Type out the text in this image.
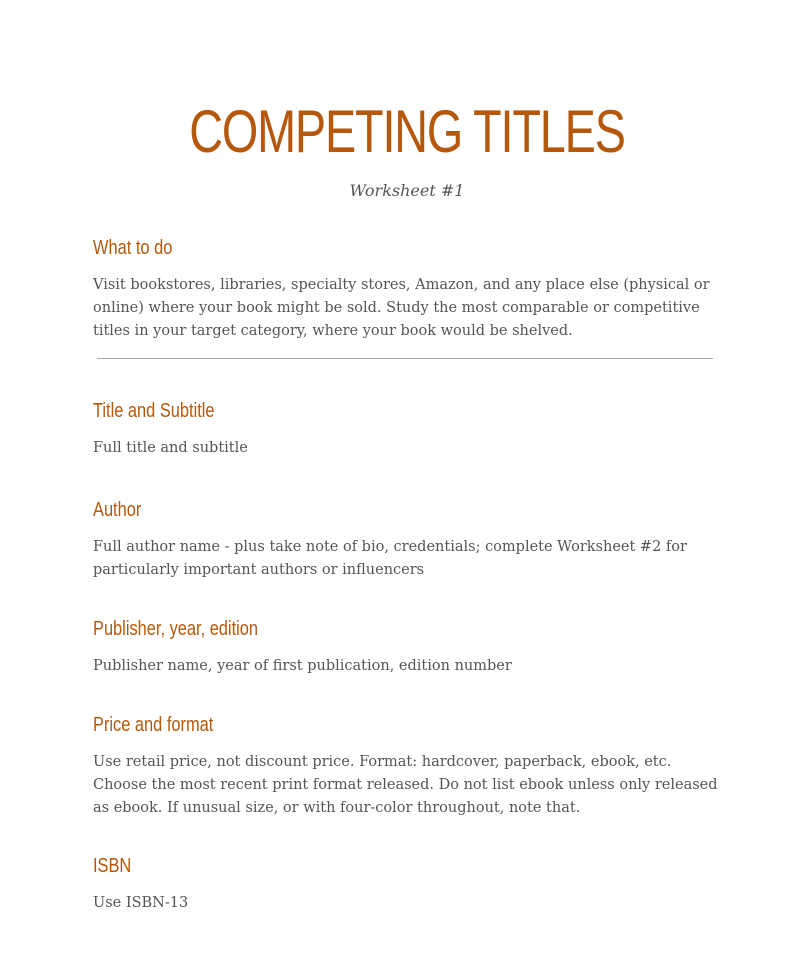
COMPETING TITLES
Worksheet #1
What to do

Visit bookstores, libraries, specialty stores, Amazon, and any place else (physical or online) where your book might be sold. Study the most comparable or competitive titles in your target category, where your book would be shelved.

Title and Subtitle

Full title and subtitle

Author

Full author name - plus take note of bio, credentials; complete Worksheet #2 for particularly important authors or influencers

Publisher, year, edition

Publisher name, year of first publication, edition number

Price and format

Use retail price, not discount price. Format: hardcover, paperback, ebook, etc. Choose the most recent print format released. Do not list ebook unless only released as ebook. If unusual size, or with four-color throughout, note that.

ISBN

Use ISBN-13
